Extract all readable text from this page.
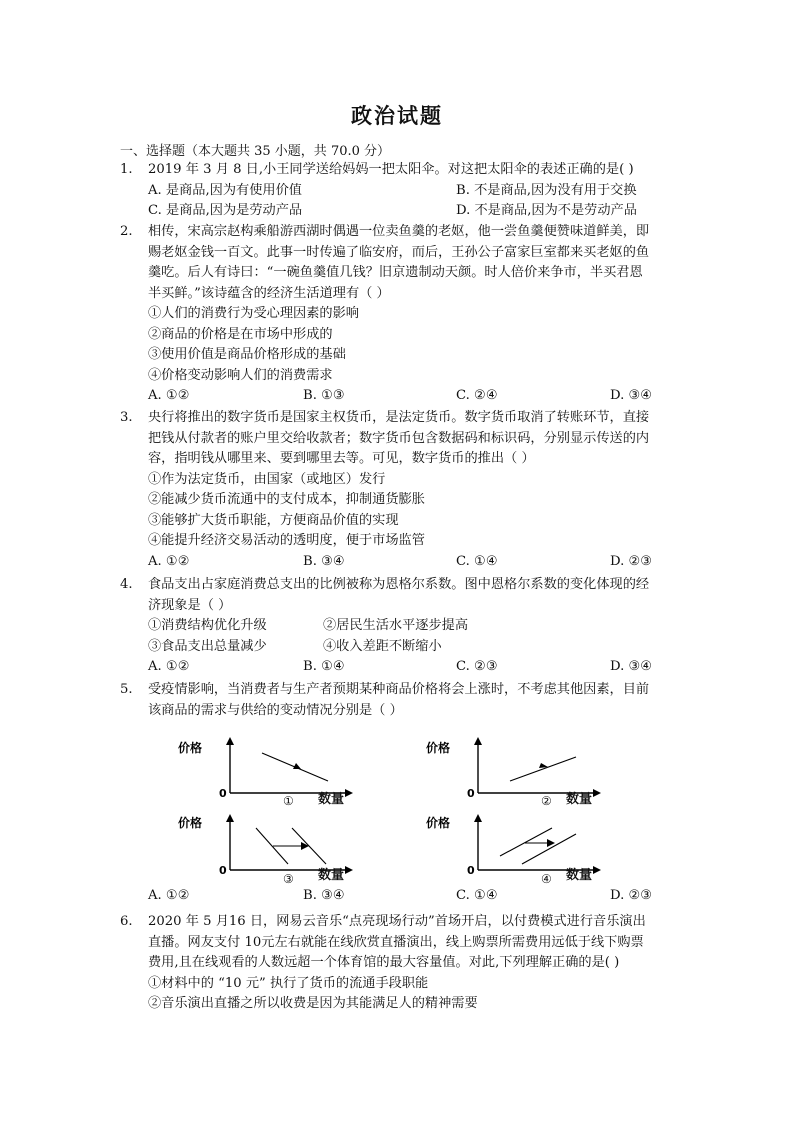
政治试题
一、选择题（本大题共 35 小题，共 70.0 分）
1.	2019 年 3 月 8 日,小王同学送给妈妈一把太阳伞。对这把太阳伞的表述正确的是( )
A. 是商品,因为有使用价值	B. 不是商品,因为没有用于交换
C. 是商品,因为是劳动产品	D. 不是商品,因为不是劳动产品
2.	相传，宋高宗赵构乘船游西湖时偶遇一位卖鱼羹的老妪，他一尝鱼羹便赞味道鲜美，即
赐老妪金钱一百文。此事一时传遍了临安府，而后，王孙公子富家巨室都来买老妪的鱼
羹吃。后人有诗曰：“一碗鱼羹值几钱？旧京遗制动天颜。时人倍价来争市，半买君恩
半买鲜。”该诗蕴含的经济生活道理有（ ）
①人们的消费行为受心理因素的影响
②商品的价格是在市场中形成的
③使用价值是商品价格形成的基础
④价格变动影响人们的消费需求
A. ①②	B. ①③	C. ②④	D. ③④
3.	央行将推出的数字货币是国家主权货币，是法定货币。数字货币取消了转账环节，直接
把钱从付款者的账户里交给收款者；数字货币包含数据码和标识码，分别显示传送的内
容，指明钱从哪里来、要到哪里去等。可见，数字货币的推出（ ）
①作为法定货币，由国家（或地区）发行
②能减少货币流通中的支付成本，抑制通货膨胀
③能够扩大货币职能，方便商品价值的实现
④能提升经济交易活动的透明度，便于市场监管
A. ①②	B. ③④	C. ①④	D. ②③
4.	食品支出占家庭消费总支出的比例被称为恩格尔系数。图中恩格尔系数的变化体现的经
济现象是（ ）
①消费结构优化升级	②居民生活水平逐步提高
③食品支出总量减少	④收入差距不断缩小
A. ①②	B. ①④	C. ②③	D. ③④
5.	受疫情影响，当消费者与生产者预期某种商品价格将会上涨时，不考虑其他因素，目前
该商品的需求与供给的变动情况分别是（ ）
价格
0	数量
①
价格
0	数量
②
价格
0	数量
③
价格
0	数量
④
A. ①②	B. ③④	C. ①④	D. ②③
6.	2020 年 5 月16 日，网易云音乐“点亮现场行动”首场开启，以付费模式进行音乐演出
直播。网友支付 10元左右就能在线欣赏直播演出，线上购票所需费用远低于线下购票
费用,且在线观看的人数远超一个体育馆的最大容量值。对此,下列理解正确的是( )
①材料中的 “10 元” 执行了货币的流通手段职能
②音乐演出直播之所以收费是因为其能满足人的精神需要
